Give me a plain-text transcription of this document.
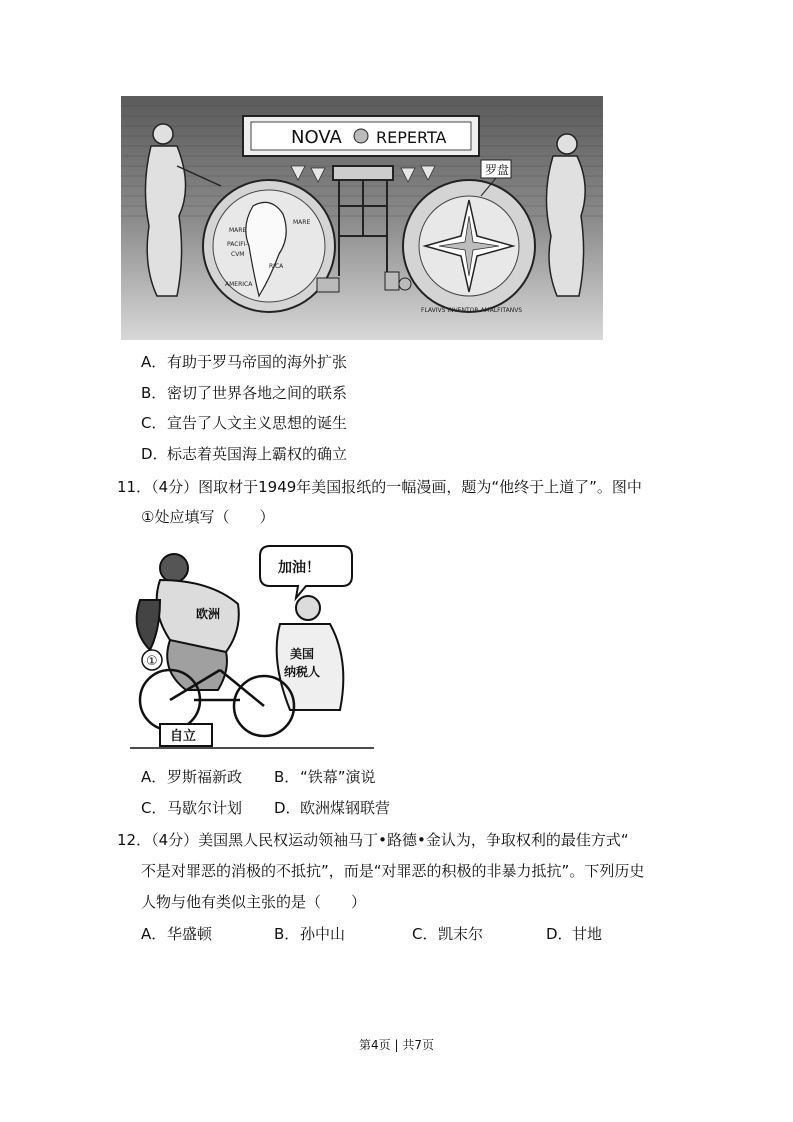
NOVA REPERTA
MARE
PACIFI-
CVM
MARE
RICA
AMERICA
FLAVIVS INVENTOR AMALFITANVS
罗盘
A．有助于罗马帝国的海外扩张
B．密切了世界各地之间的联系
C．宣告了人文主义思想的诞生
D．标志着英国海上霸权的确立
11．（4分）图取材于1949年美国报纸的一幅漫画，题为“他终于上道了”。图中
①处应填写（　　）
加油！
欧洲
美国
纳税人
①
自立
A．罗斯福新政 B．“铁幕”演说
C．马歇尔计划 D．欧洲煤钢联营
12．（4分）美国黑人民权运动领袖马丁•路德•金认为，争取权利的最佳方式“
不是对罪恶的消极的不抵抗”，而是“对罪恶的积极的非暴力抵抗”。下列历史
人物与他有类似主张的是（　　）
A．华盛顿	B．孙中山	C．凯末尔	D．甘地
第4页 | 共7页
